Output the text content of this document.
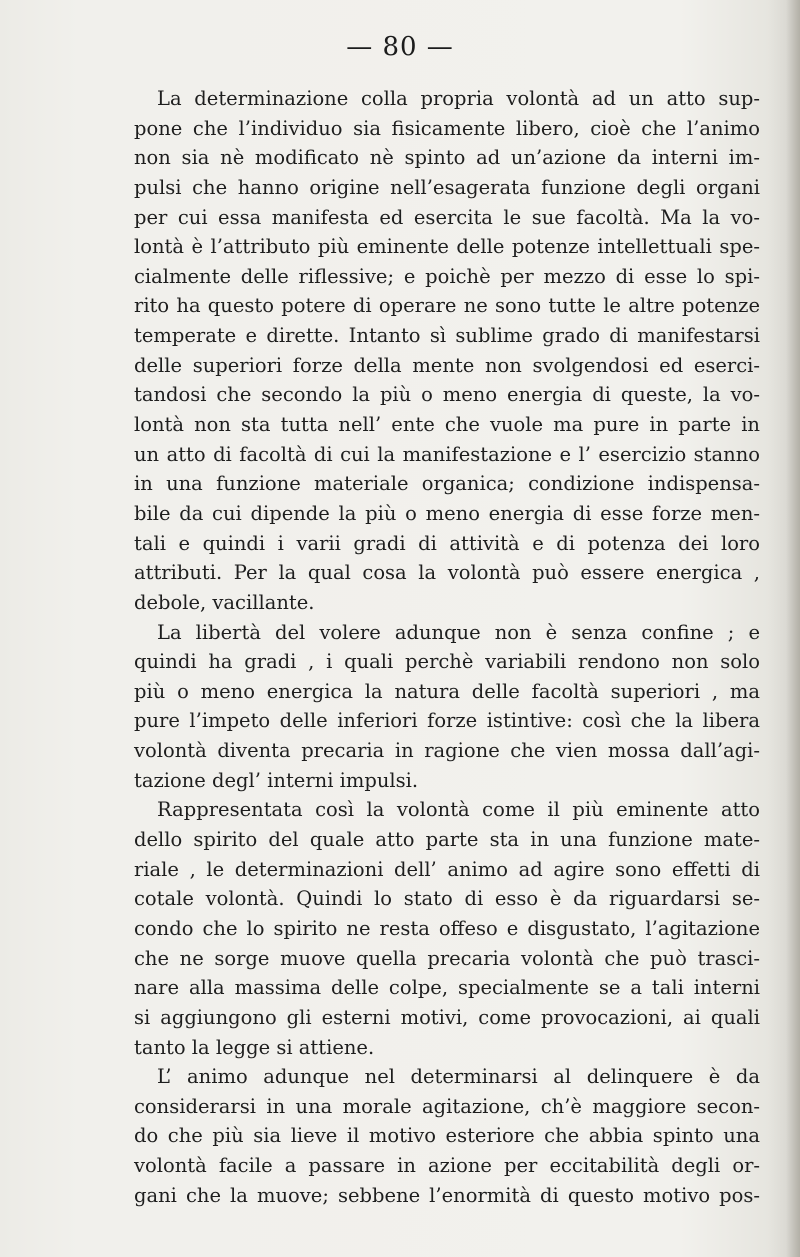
— 80 —
La determinazione colla propria volontà ad un atto sup-
pone che l’individuo sia fisicamente libero, cioè che l’animo
non sia nè modificato nè spinto ad un’azione da interni im-
pulsi che hanno origine nell’esagerata funzione degli organi
per cui essa manifesta ed esercita le sue facoltà. Ma la vo-
lontà è l’attributo più eminente delle potenze intellettuali spe-
cialmente delle riflessive; e poichè per mezzo di esse lo spi-
rito ha questo potere di operare ne sono tutte le altre potenze
temperate e dirette. Intanto sì sublime grado di manifestarsi
delle superiori forze della mente non svolgendosi ed eserci-
tandosi che secondo la più o meno energia di queste, la vo-
lontà non sta tutta nell’ ente che vuole ma pure in parte in
un atto di facoltà di cui la manifestazione e l’ esercizio stanno
in una funzione materiale organica; condizione indispensa-
bile da cui dipende la più o meno energia di esse forze men-
tali e quindi i varii gradi di attività e di potenza dei loro
attributi. Per la qual cosa la volontà può essere energica ,
debole, vacillante.
La libertà del volere adunque non è senza confine ; e
quindi ha gradi , i quali perchè variabili rendono non solo
più o meno energica la natura delle facoltà superiori , ma
pure l’impeto delle inferiori forze istintive: così che la libera
volontà diventa precaria in ragione che vien mossa dall’agi-
tazione degl’ interni impulsi.
Rappresentata così la volontà come il più eminente atto
dello spirito del quale atto parte sta in una funzione mate-
riale , le determinazioni dell’ animo ad agire sono effetti di
cotale volontà. Quindi lo stato di esso è da riguardarsi se-
condo che lo spirito ne resta offeso e disgustato, l’agitazione
che ne sorge muove quella precaria volontà che può trasci-
nare alla massima delle colpe, specialmente se a tali interni
si aggiungono gli esterni motivi, come provocazioni, ai quali
tanto la legge si attiene.
L’ animo adunque nel determinarsi al delinquere è da
considerarsi in una morale agitazione, ch’è maggiore secon-
do che più sia lieve il motivo esteriore che abbia spinto una
volontà facile a passare in azione per eccitabilità degli or-
gani che la muove; sebbene l’enormità di questo motivo pos-
